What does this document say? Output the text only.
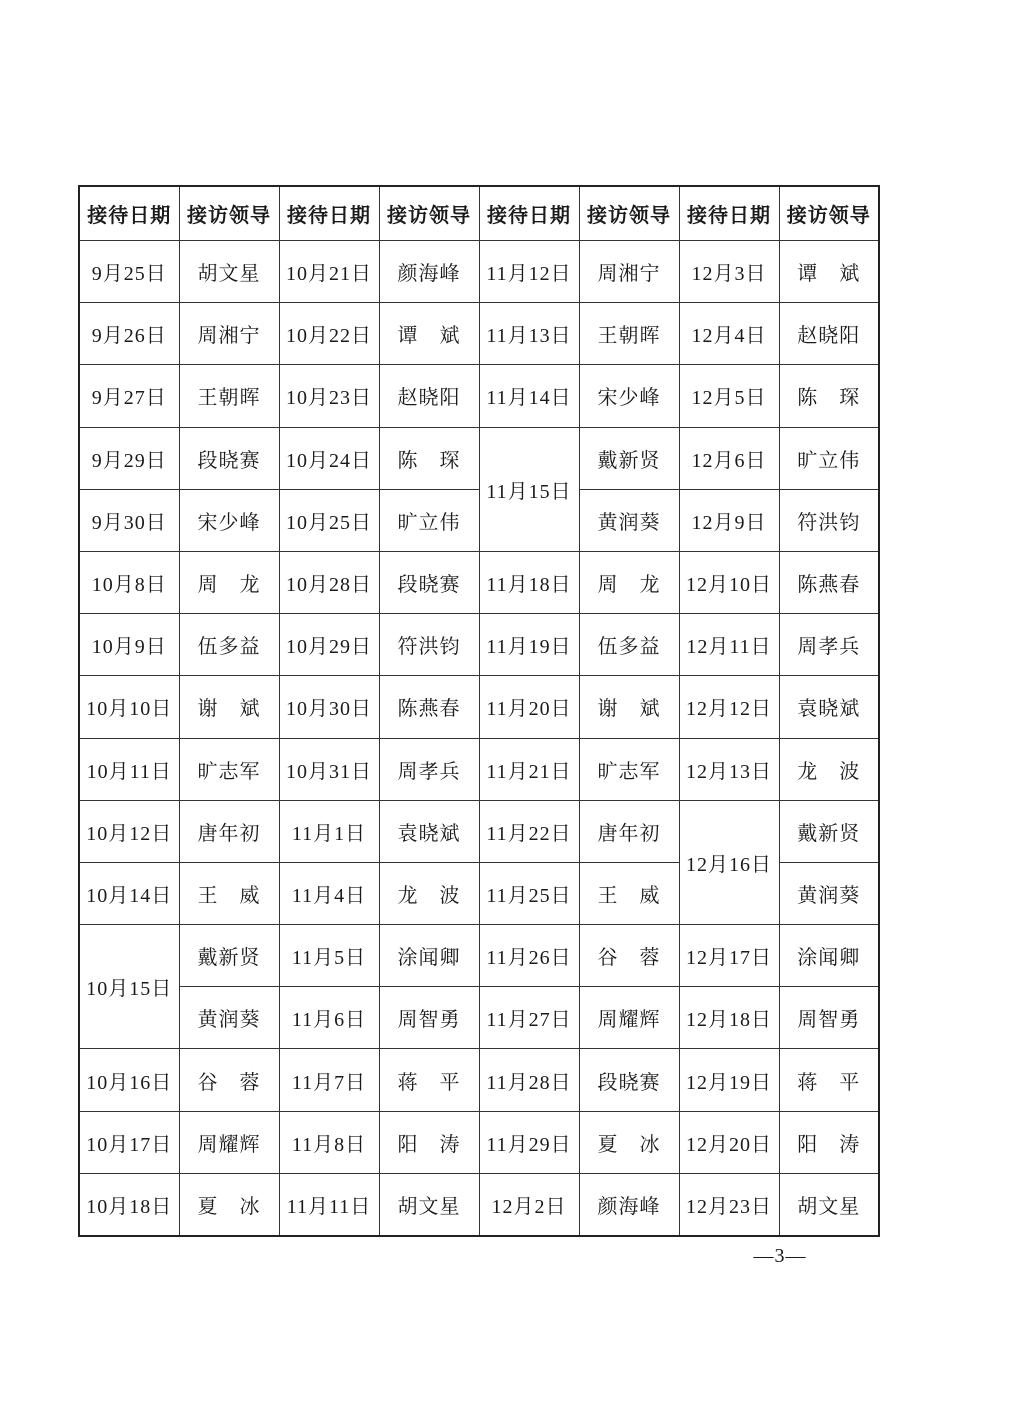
接待日期	接访领导	接待日期	接访领导	接待日期	接访领导	接待日期	接访领导
9月25日	胡文星	10月21日	颜海峰	11月12日	周湘宁	12月3日	谭　斌
9月26日	周湘宁	10月22日	谭　斌	11月13日	王朝晖	12月4日	赵晓阳
9月27日	王朝晖	10月23日	赵晓阳	11月14日	宋少峰	12月5日	陈　琛
9月29日	段晓赛	10月24日	陈　琛	11月15日	戴新贤	12月6日	旷立伟
9月30日	宋少峰	10月25日	旷立伟		黄润葵	12月9日	符洪钧
10月8日	周　龙	10月28日	段晓赛	11月18日	周　龙	12月10日	陈燕春
10月9日	伍多益	10月29日	符洪钧	11月19日	伍多益	12月11日	周孝兵
10月10日	谢　斌	10月30日	陈燕春	11月20日	谢　斌	12月12日	袁晓斌
10月11日	旷志军	10月31日	周孝兵	11月21日	旷志军	12月13日	龙　波
10月12日	唐年初	11月1日	袁晓斌	11月22日	唐年初	12月16日	戴新贤
10月14日	王　威	11月4日	龙　波	11月25日	王　威		黄润葵
10月15日	戴新贤	11月5日	涂闻卿	11月26日	谷　蓉	12月17日	涂闻卿
	黄润葵	11月6日	周智勇	11月27日	周耀辉	12月18日	周智勇
10月16日	谷　蓉	11月7日	蒋　平	11月28日	段晓赛	12月19日	蒋　平
10月17日	周耀辉	11月8日	阳　涛	11月29日	夏　冰	12月20日	阳　涛
10月18日	夏　冰	11月11日	胡文星	12月2日	颜海峰	12月23日	胡文星
—3—
